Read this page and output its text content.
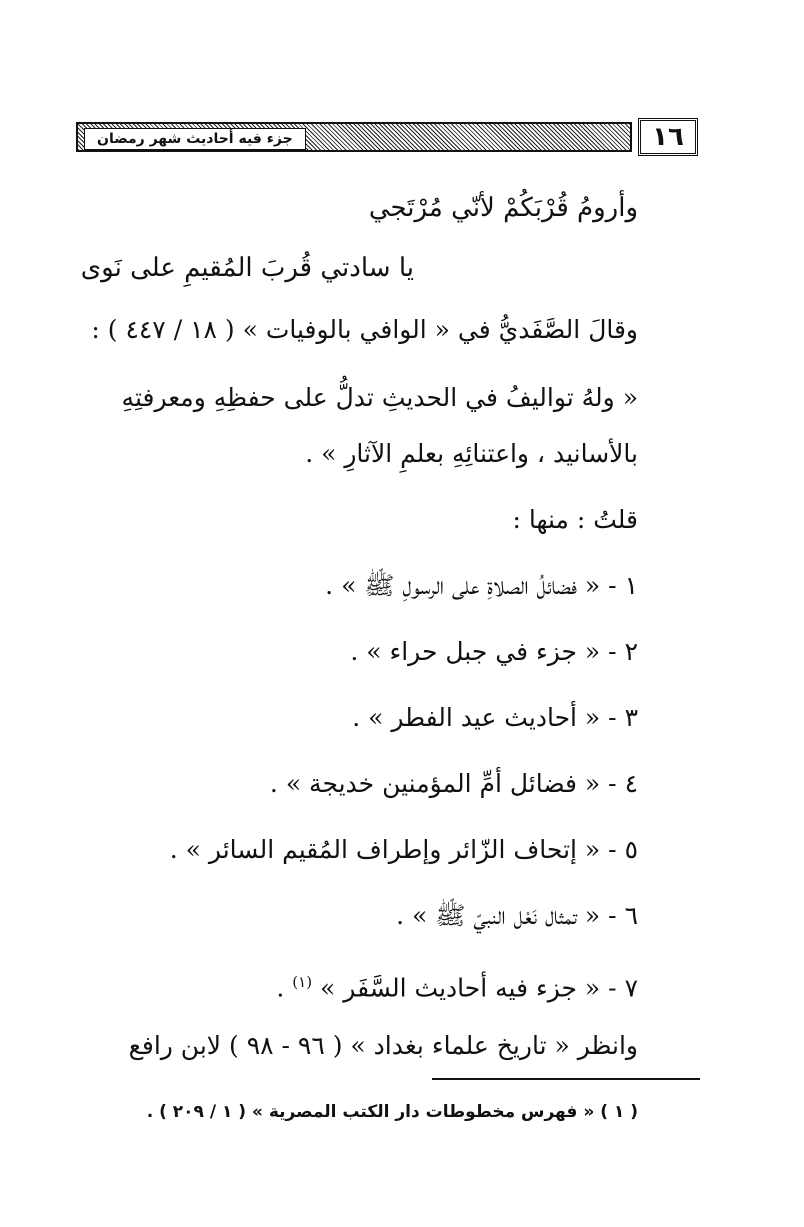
جزء فيه أحاديث شهر رمضان	١٦
وأرومُ قُرْبَكُمْ لأنّي مُرْتَجي
يا سادتي قُربَ المُقيمِ على نَوى
وقالَ الصَّفَديُّ في « الوافي بالوفيات » ( ١٨ / ٤٤٧ ) :
« ولهُ تواليفُ في الحديثِ تدلُّ على حفظِهِ ومعرفتِهِ
بالأسانيد ، واعتنائِهِ بعلمِ الآثارِ » .
قلتُ : منها :
١ - « فضائلُ الصلاةِ على الرسولِ ﷺ » .
٢ - « جزء في جبل حراء » .
٣ - « أحاديث عيد الفطر » .
٤ - « فضائل أمِّ المؤمنين خديجة » .
٥ - « إتحاف الزّائر وإطراف المُقيم السائر » .
٦ - « تمثال نَعْل النبيّ ﷺ » .
٧ - « جزء فيه أحاديث السَّفَر » $^{(١)}$ .
وانظر « تاريخ علماء بغداد » ( ٩٦ - ٩٨ ) لابن رافع
( ١ ) « فهرس مخطوطات دار الكتب المصرية » ( ١ / ٢٠٩ ) .
